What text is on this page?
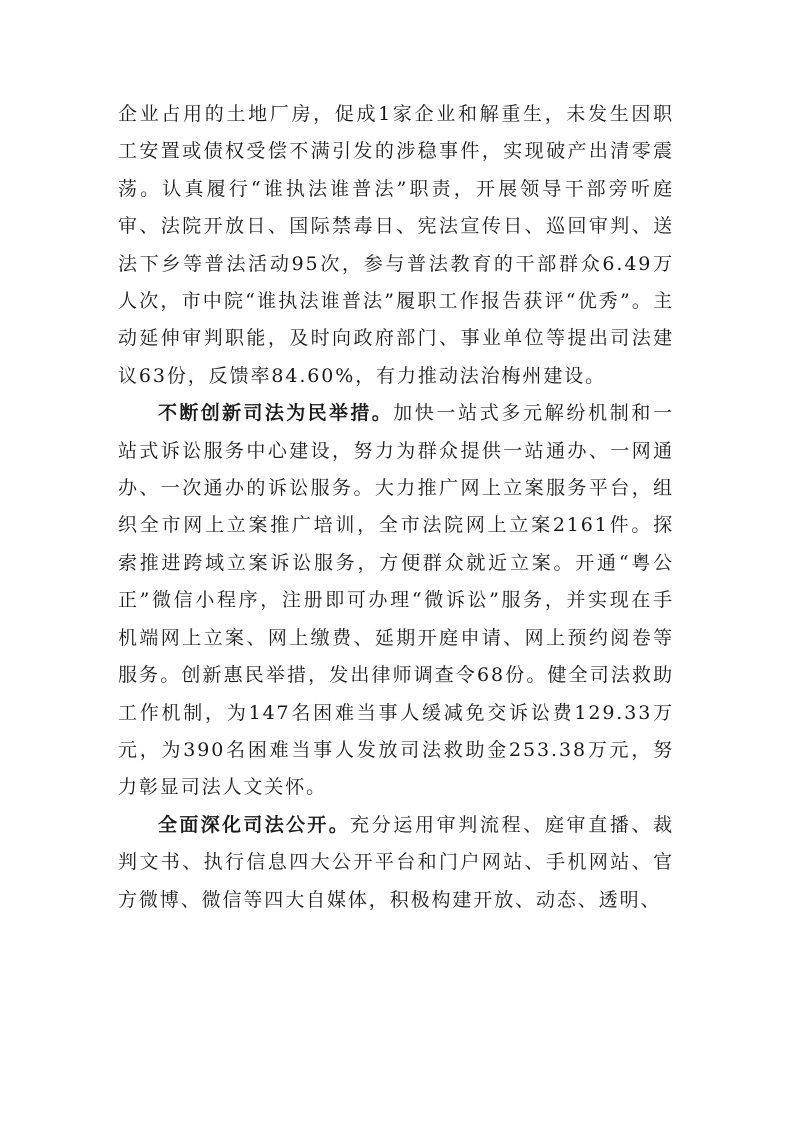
企业占用的土地厂房，促成1家企业和解重生，未发生因职工安置或债权受偿不满引发的涉稳事件，实现破产出清零震荡。认真履行“谁执法谁普法”职责，开展领导干部旁听庭审、法院开放日、国际禁毒日、宪法宣传日、巡回审判、送法下乡等普法活动95次，参与普法教育的干部群众6.49万人次，市中院“谁执法谁普法”履职工作报告获评“优秀”。主动延伸审判职能，及时向政府部门、事业单位等提出司法建议63份，反馈率84.60%，有力推动法治梅州建设。

不断创新司法为民举措。加快一站式多元解纷机制和一站式诉讼服务中心建设，努力为群众提供一站通办、一网通办、一次通办的诉讼服务。大力推广网上立案服务平台，组织全市网上立案推广培训，全市法院网上立案2161件。探索推进跨域立案诉讼服务，方便群众就近立案。开通“粤公正”微信小程序，注册即可办理“微诉讼”服务，并实现在手机端网上立案、网上缴费、延期开庭申请、网上预约阅卷等服务。创新惠民举措，发出律师调查令68份。健全司法救助工作机制，为147名困难当事人缓减免交诉讼费129.33万元，为390名困难当事人发放司法救助金253.38万元，努力彰显司法人文关怀。

全面深化司法公开。充分运用审判流程、庭审直播、裁判文书、执行信息四大公开平台和门户网站、手机网站、官方微博、微信等四大自媒体，积极构建开放、动态、透明、
